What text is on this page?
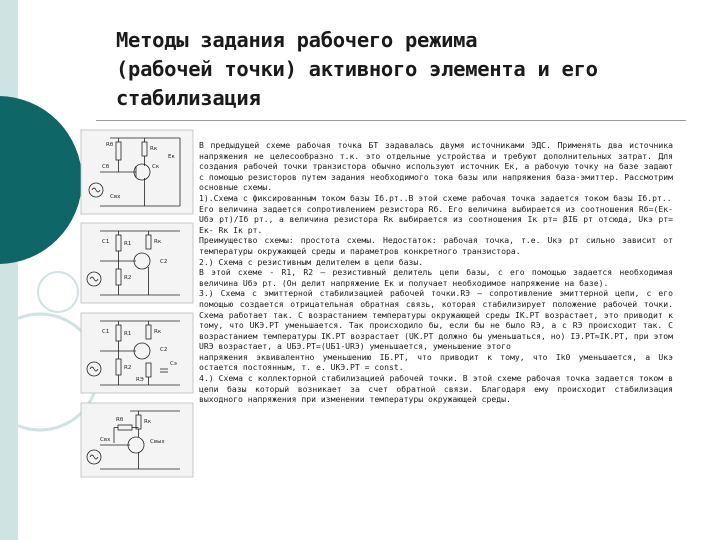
Методы задания рабочего режима
(рабочей точки) активного элемента и его
стабилизация
Rб
Rк
Cб	Cк
Eк
Cвх
C1	R1	Rк
C2
R2
C1	R1	Rк
C2
R2
RЭ
Cэ
Rб	Rк
Cвх	Cвых

В предыдущей схеме рабочая точка БТ задавалась двумя источниками ЭДС. Применять два источника напряжения не целесообразно т.к. это отдельные устройства и требуют дополнительных затрат. Для создания рабочей точки транзистора обычно используют источник Ек, а рабочую точку на базе задают с помощью резисторов путем задания необходимого тока базы или напряжения база-эмиттер. Рассмотрим основные схемы.

1).Схема с фиксированным током базы Iб.рт..В этой схеме рабочая точка задается током базы Iб.рт..

Его величина задается сопротивлением резистора Rб. Его величина выбирается из соотношения Rб=(Ек-Uбэ рт)/Iб рт., а величина резистора Rк выбирается из соотношения Iк рт= βIБ рт отсюда, Uкэ рт= Ек- Rк Iк рт.

Преимущество схемы: простота схемы. Недостаток: рабочая точка, т.е. Uкэ рт сильно зависит от температуры окружающей среды и параметров конкретного транзистора.

2.) Схема с резистивным делителем в цепи базы.

В этой схеме - R1, R2 – резистивный делитель цепи базы, с его помощью задается необходимая величина Uбэ рт. (Он делит напряжение Ек и получает необходимое напряжение на базе).

3.) Схема с эмиттерной стабилизацией рабочей точки.RЭ – сопротивление эмиттерной цепи, с его помощью создается отрицательная обратная связь, которая стабилизирует положение рабочей точки. Схема работает так. С возрастанием температуры окружающей среды IК.РТ возрастает, это приводит к тому, что UКЭ.РТ уменьшается. Так происходило бы, если бы не было RЭ, а с RЭ происходит так. С возрастанием температуры IК.РТ возрастает (UК.РТ должно бы уменьшаться, но) IЭ.РТ≈IК.РТ, при этом URЭ возрастает, а UБЭ.РТ=(UБ1-URЭ) уменьшается, уменьшение этого

напряжения эквивалентно уменьшению IБ.РТ, что приводит к тому, что Ik0 уменьшается, а Uкэ остается постоянным, т. е. UКЭ.РТ = const.

4.) Схема с коллекторной стабилизацией рабочей точки. В этой схеме рабочая точка задается током в цепи базы который возникает за счет обратной связи. Благодаря ему происходит стабилизация выходного напряжения при изменении температуры окружающей среды.
